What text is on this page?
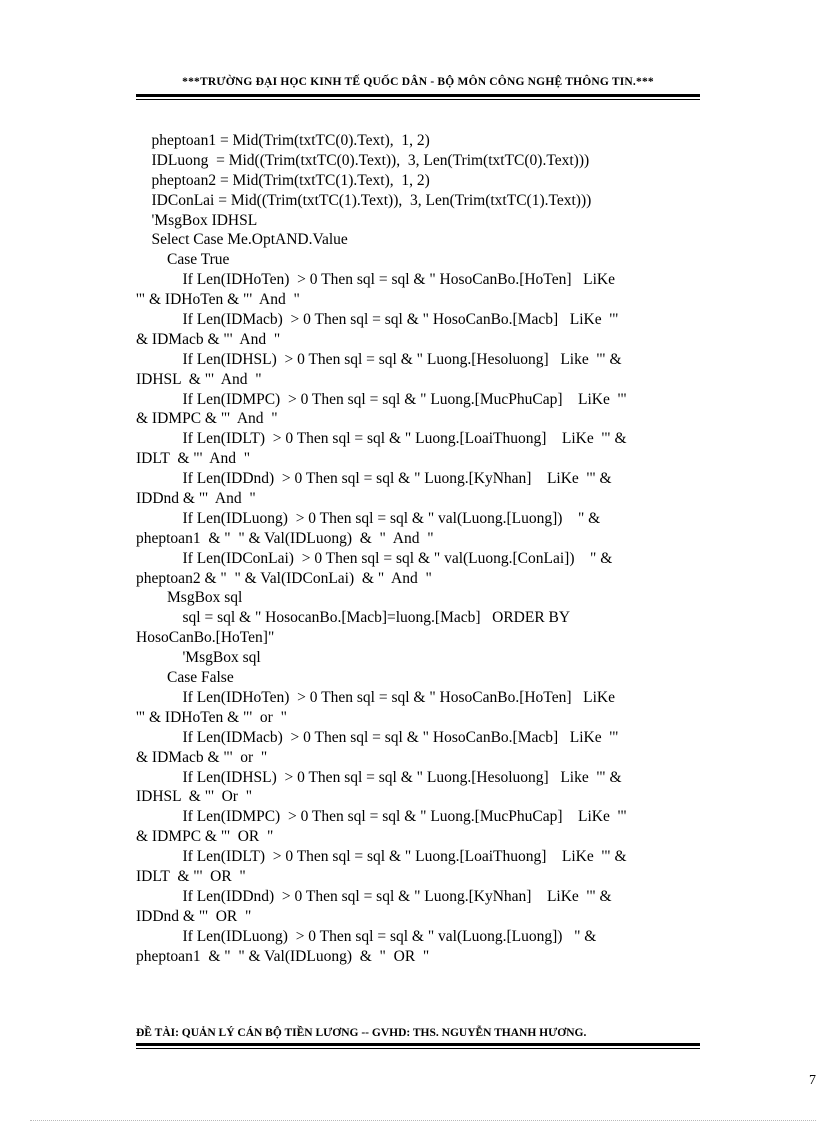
***TRƯỜNG ĐẠI HỌC KINH TẾ QUỐC DÂN - BỘ MÔN CÔNG NGHỆ THÔNG TIN.***
pheptoan1 = Mid(Trim(txtTC(0).Text),  1, 2)
IDLuong  = Mid((Trim(txtTC(0).Text)),  3, Len(Trim(txtTC(0).Text)))
pheptoan2 = Mid(Trim(txtTC(1).Text),  1, 2)
IDConLai = Mid((Trim(txtTC(1).Text)),  3, Len(Trim(txtTC(1).Text)))
'MsgBox IDHSL
Select Case Me.OptAND.Value
Case True
If Len(IDHoTen)  > 0 Then sql = sql & " HosoCanBo.[HoTen]   LiKe
'" & IDHoTen & "'  And  "
If Len(IDMacb)  > 0 Then sql = sql & " HosoCanBo.[Macb]   LiKe  '"
& IDMacb & "'  And  "
If Len(IDHSL)  > 0 Then sql = sql & " Luong.[Hesoluong]   Like  '" &
IDHSL  & "'  And  "
If Len(IDMPC)  > 0 Then sql = sql & " Luong.[MucPhuCap]    LiKe  '"
& IDMPC & "'  And  "
If Len(IDLT)  > 0 Then sql = sql & " Luong.[LoaiThuong]    LiKe  '" &
IDLT  & "'  And  "
If Len(IDDnd)  > 0 Then sql = sql & " Luong.[KyNhan]    LiKe  '" &
IDDnd & "'  And  "
If Len(IDLuong)  > 0 Then sql = sql & " val(Luong.[Luong])    " &
pheptoan1  & "  " & Val(IDLuong)  &  "  And  "
If Len(IDConLai)  > 0 Then sql = sql & " val(Luong.[ConLai])    " &
pheptoan2 & "  " & Val(IDConLai)  & "  And  "
MsgBox sql
sql = sql & " HosocanBo.[Macb]=luong.[Macb]   ORDER BY
HosoCanBo.[HoTen]"
'MsgBox sql
Case False
If Len(IDHoTen)  > 0 Then sql = sql & " HosoCanBo.[HoTen]   LiKe
'" & IDHoTen & "'  or  "
If Len(IDMacb)  > 0 Then sql = sql & " HosoCanBo.[Macb]   LiKe  '"
& IDMacb & "'  or  "
If Len(IDHSL)  > 0 Then sql = sql & " Luong.[Hesoluong]   Like  '" &
IDHSL  & "'  Or  "
If Len(IDMPC)  > 0 Then sql = sql & " Luong.[MucPhuCap]    LiKe  '"
& IDMPC & "'  OR  "
If Len(IDLT)  > 0 Then sql = sql & " Luong.[LoaiThuong]    LiKe  '" &
IDLT  & "'  OR  "
If Len(IDDnd)  > 0 Then sql = sql & " Luong.[KyNhan]    LiKe  '" &
IDDnd & "'  OR  "
If Len(IDLuong)  > 0 Then sql = sql & " val(Luong.[Luong])   " &
pheptoan1  & "  " & Val(IDLuong)  &  "  OR  "
ĐỀ TÀI: QUẢN LÝ CÁN BỘ TIỀN LƯƠNG -- GVHD: THS. NGUYỄN THANH HƯƠNG.
7
